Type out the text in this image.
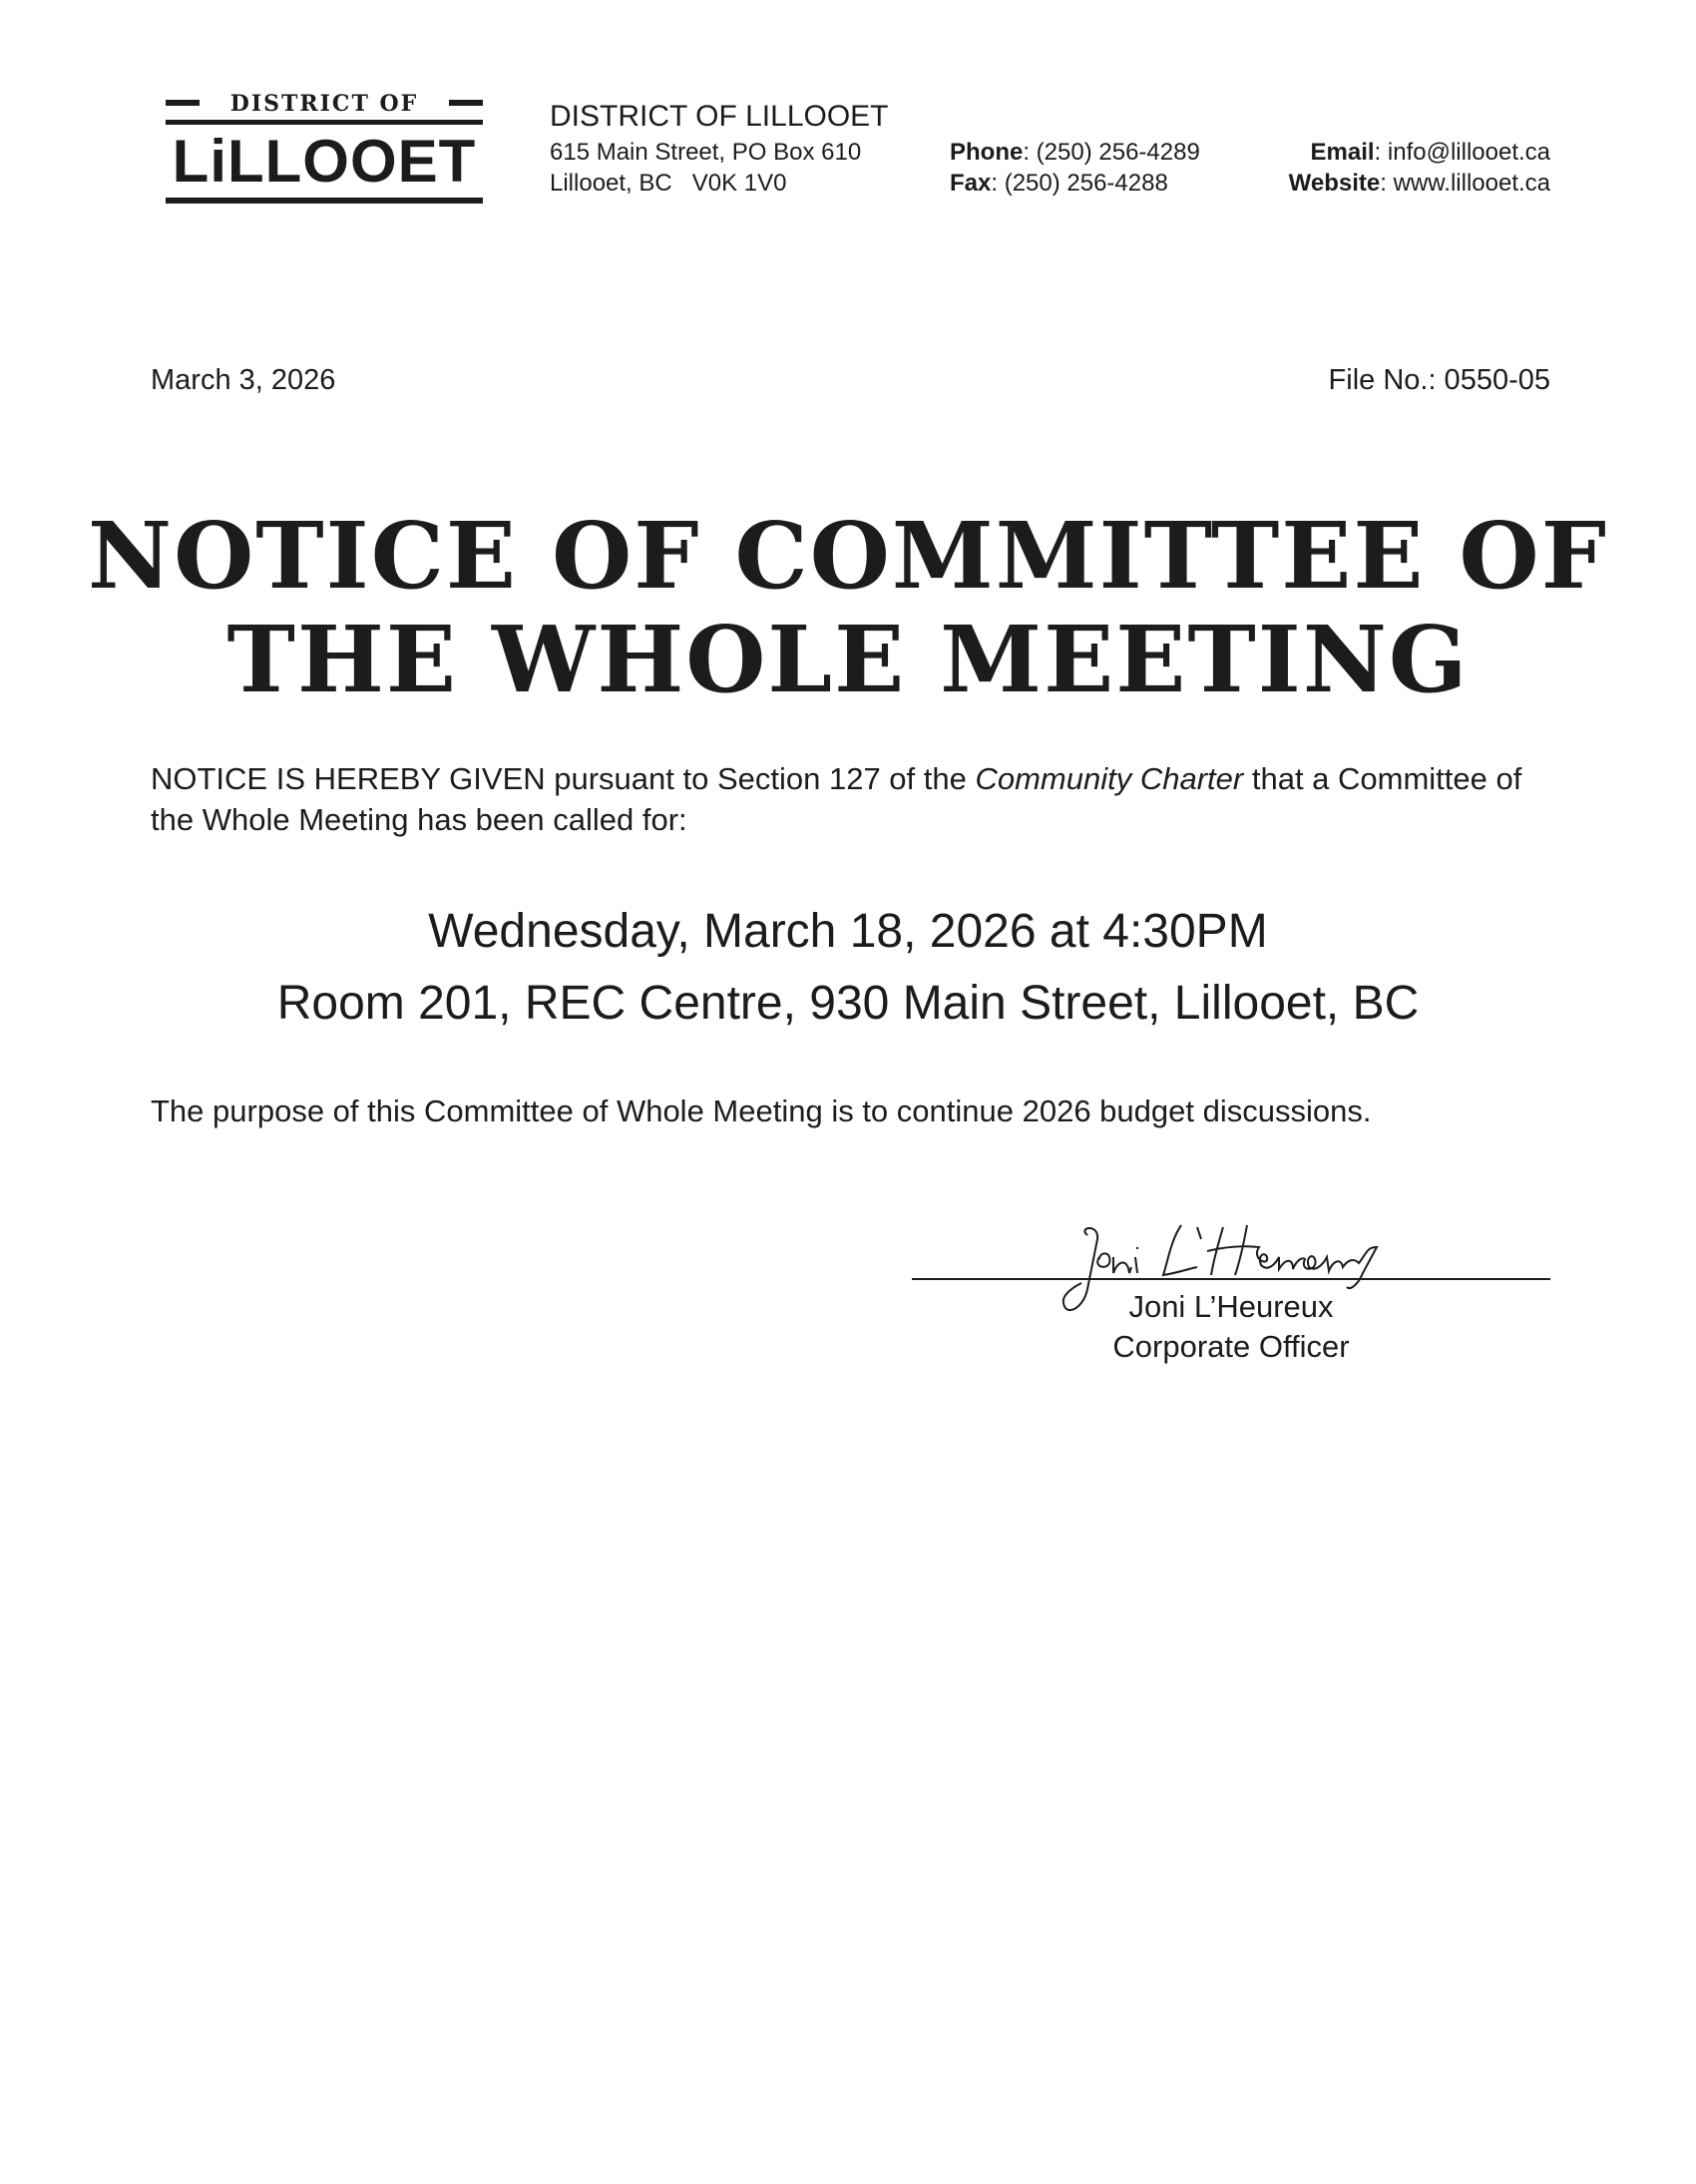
DISTRICT OF
LiLLOOET
DISTRICT OF LILLOOET
615 Main Street, PO Box 610
Lillooet, BC   V0K 1V0
Phone: (250) 256-4289
Fax: (250) 256-4288
Email: info@lillooet.ca
Website: www.lillooet.ca
March 3, 2026	File No.: 0550-05
NOTICE OF COMMITTEE OF
THE WHOLE MEETING
NOTICE IS HEREBY GIVEN pursuant to Section 127 of the Community Charter that a Committee of the Whole Meeting has been called for:
Wednesday, March 18, 2026 at 4:30PM
Room 201, REC Centre, 930 Main Street, Lillooet, BC
The purpose of this Committee of Whole Meeting is to continue 2026 budget discussions.
Joni L’Heureux
Corporate Officer
